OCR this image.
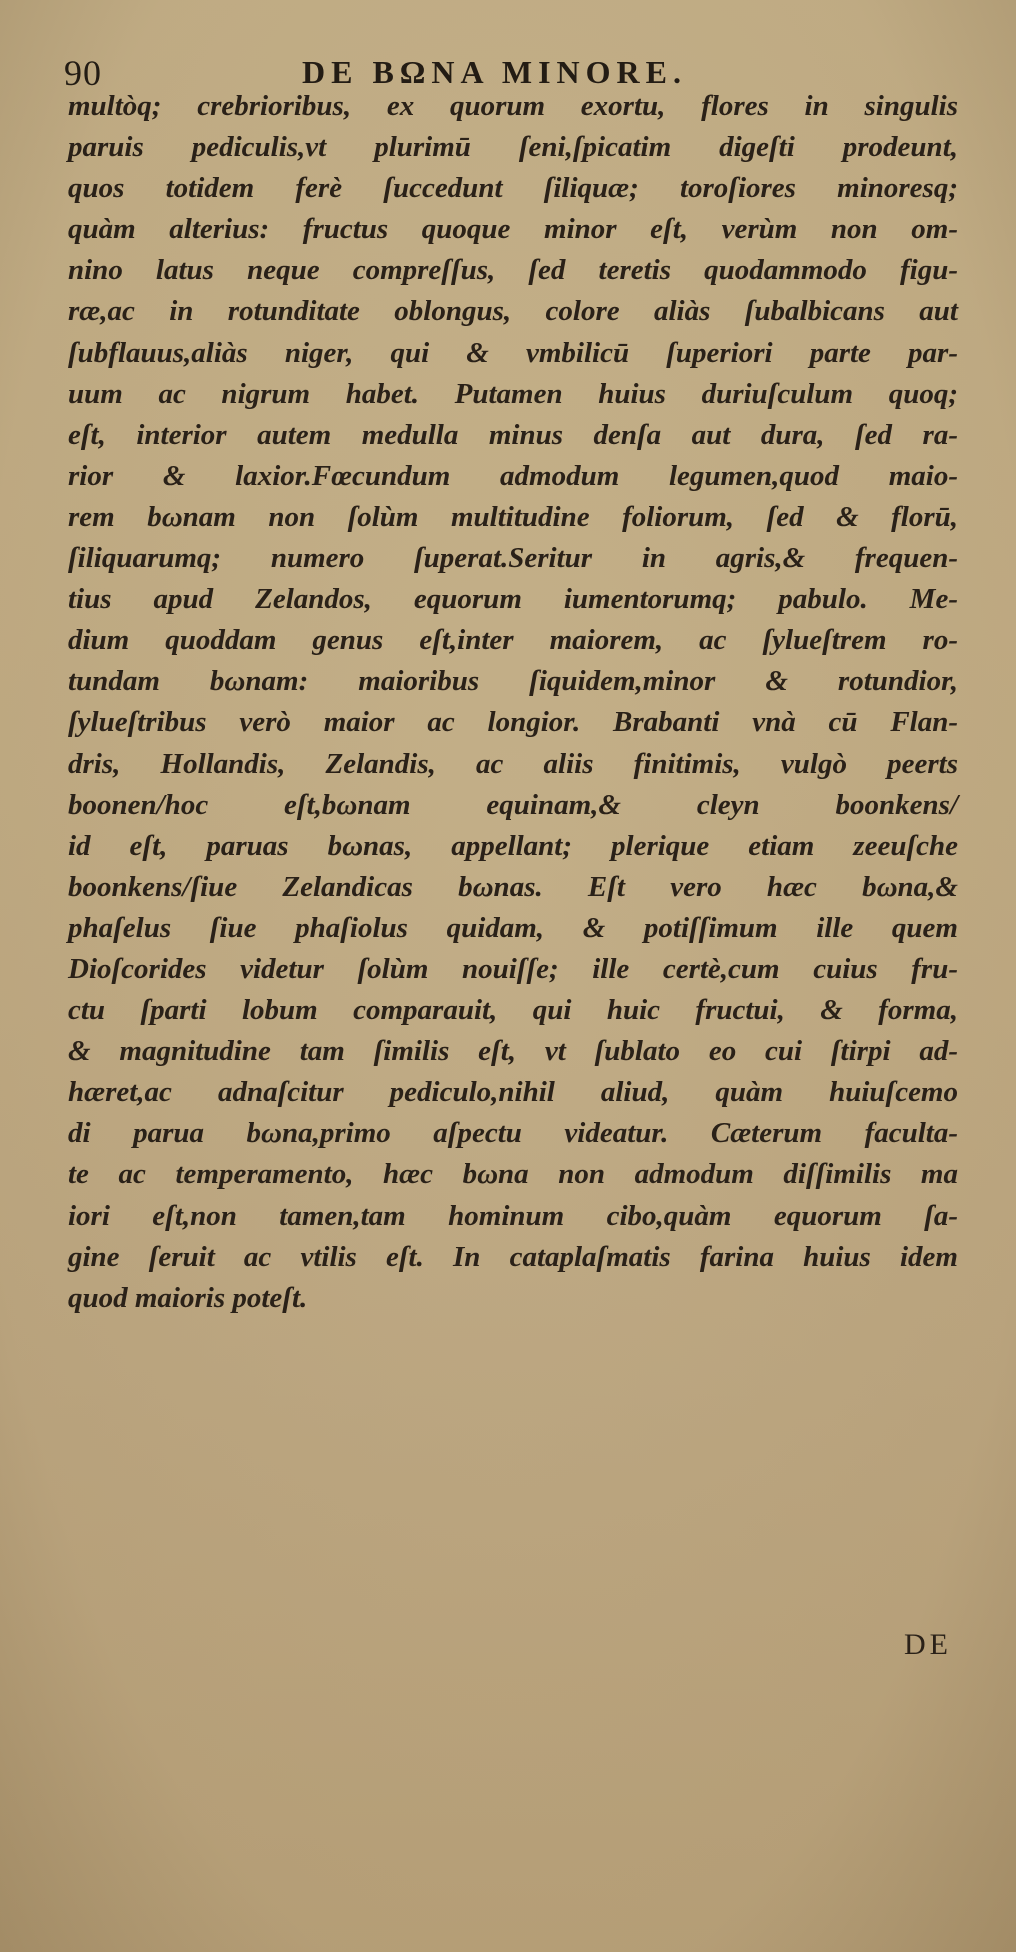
90	DE BΩNA MINORE.
multòq; crebrioribus, ex quorum exortu, flores in singulis
paruis pediculis,vt plurimū ſeni,ſpicatim digeſti prodeunt,
quos totidem ferè ſuccedunt ſiliquæ; toroſiores minoresq;
quàm alterius: fructus quoque minor eſt, verùm non om-
nino latus neque compreſſus, ſed teretis quodammodo figu-
ræ,ac in rotunditate oblongus, colore aliàs ſubalbicans aut
ſubflauus,aliàs niger, qui & vmbilicū ſuperiori parte par-
uum ac nigrum habet. Putamen huius duriuſculum quoq;
eſt, interior autem medulla minus denſa aut dura, ſed ra-
rior & laxior.Fœcundum admodum legumen,quod maio-
rem bωnam non ſolùm multitudine foliorum, ſed & florū,
ſiliquarumq; numero ſuperat.Seritur in agris,& frequen-
tius apud Zelandos, equorum iumentorumq; pabulo. Me-
dium quoddam genus eſt,inter maiorem, ac ſylueſtrem ro-
tundam bωnam: maioribus ſiquidem,minor & rotundior,
ſylueſtribus verò maior ac longior. Brabanti vnà cū Flan-
dris, Hollandis, Zelandis, ac aliis finitimis, vulgò peerts
boonen/hoc eſt,bωnam equinam,& cleyn boonkens/
id eſt, paruas bωnas, appellant; plerique etiam zeeuſche
boonkens/ſiue Zelandicas bωnas. Eſt vero hæc bωna,&
phaſelus ſiue phaſiolus quidam, & potiſſimum ille quem
Dioſcorides videtur ſolùm nouiſſe; ille certè,cum cuius fru-
ctu ſparti lobum comparauit, qui huic fructui, & forma,
& magnitudine tam ſimilis eſt, vt ſublato eo cui ſtirpi ad-
hæret,ac adnaſcitur pediculo,nihil aliud, quàm huiuſcemo
di parua bωna,primo aſpectu videatur. Cæterum faculta-
te ac temperamento, hæc bωna non admodum diſſimilis ma
iori eſt,non tamen,tam hominum cibo,quàm equorum ſa-
gine ſeruit ac vtilis eſt. In cataplaſmatis farina huius idem
quod maioris poteſt.
DE
